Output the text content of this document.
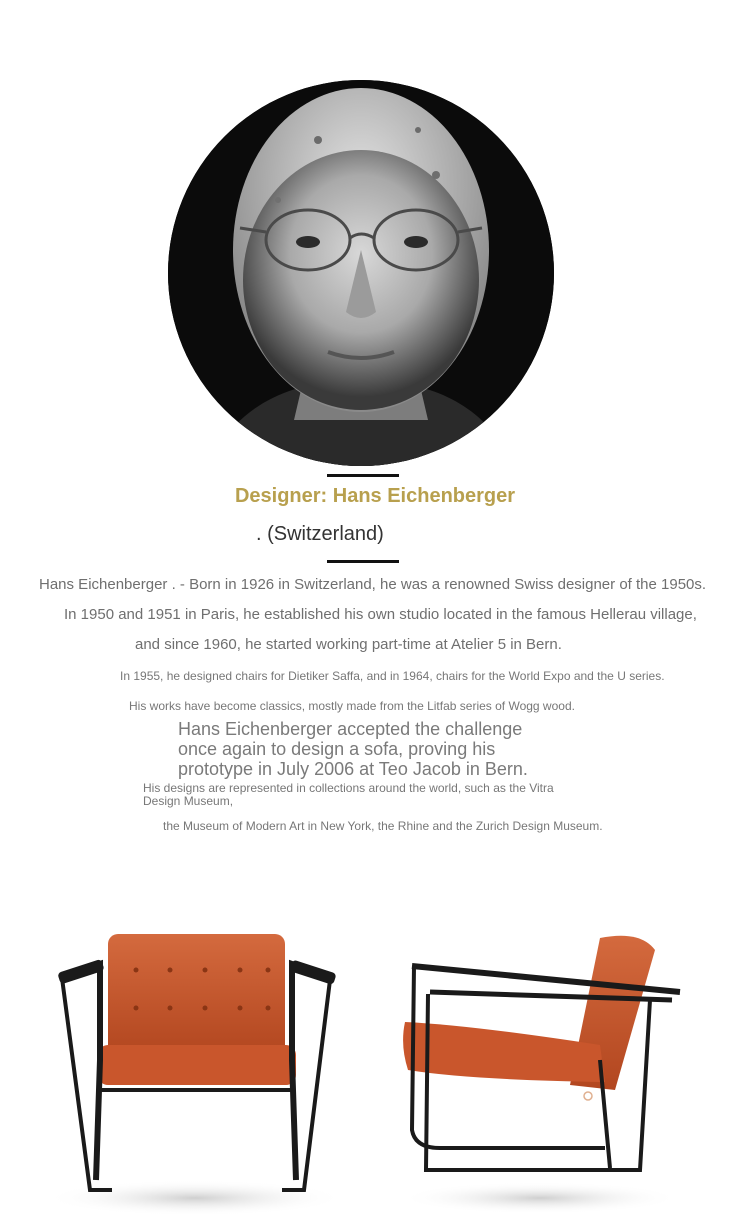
Designer: Hans Eichenberger
. (Switzerland)
Hans Eichenberger . - Born in 1926 in Switzerland, he was a renowned Swiss designer of the 1950s.
In 1950 and 1951 in Paris, he established his own studio located in the famous Hellerau village,
and since 1960, he started working part-time at Atelier 5 in Bern.
In 1955, he designed chairs for Dietiker Saffa, and in 1964, chairs for the World Expo and the U series.
His works have become classics, mostly made from the Litfab series of Wogg wood.
Hans Eichenberger accepted the challenge once again to design a sofa, proving his prototype in July 2006 at Teo Jacob in Bern.
His designs are represented in collections around the world, such as the Vitra Design Museum,
the Museum of Modern Art in New York, the Rhine and the Zurich Design Museum.
